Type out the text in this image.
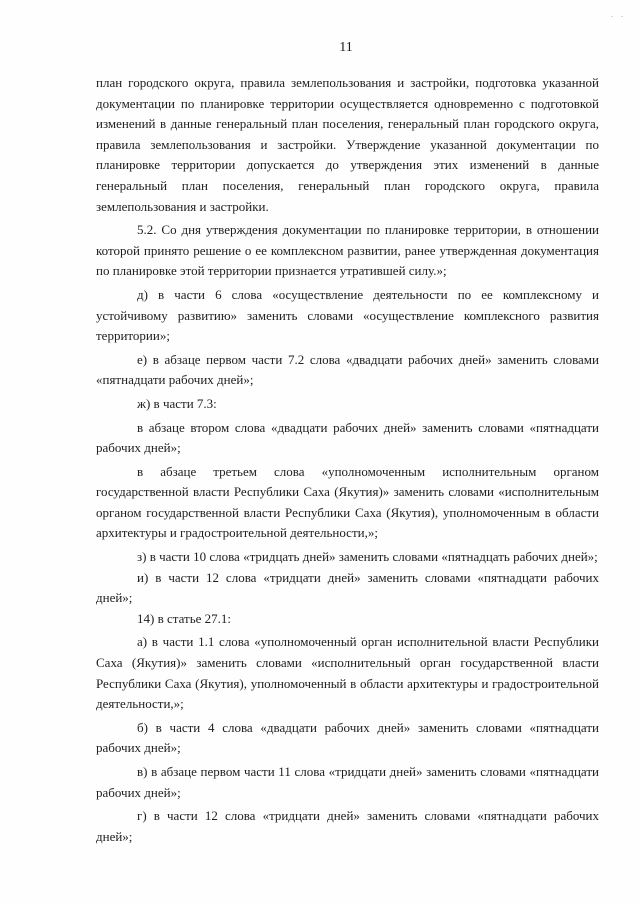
. .
11

план городского округа, правила землепользования и застройки, подготовка указанной документации по планировке территории осуществляется одновременно с подготовкой изменений в данные генеральный план поселения, генеральный план городского округа, правила землепользования и застройки. Утверждение указанной документации по планировке территории допускается до утверждения этих изменений в данные генеральный план поселения, генеральный план городского округа, правила землепользования и застройки.

5.2. Со дня утверждения документации по планировке территории, в отношении которой принято решение о ее комплексном развитии, ранее утвержденная документация по планировке этой территории признается утратившей силу.»;

д) в части 6 слова «осуществление деятельности по ее комплексному и устойчивому развитию» заменить словами «осуществление комплексного развития территории»;

е) в абзаце первом части 7.2 слова «двадцати рабочих дней» заменить словами «пятнадцати рабочих дней»;

ж) в части 7.3:

в абзаце втором слова «двадцати рабочих дней» заменить словами «пятнадцати рабочих дней»;

в абзаце третьем слова «уполномоченным исполнительным органом государственной власти Республики Саха (Якутия)» заменить словами «исполнительным органом государственной власти Республики Саха (Якутия), уполномоченным в области архитектуры и градостроительной деятельности,»;

з) в части 10 слова «тридцать дней» заменить словами «пятнадцать рабочих дней»;

и) в части 12 слова «тридцати дней» заменить словами «пятнадцати рабочих дней»;

14) в статье 27.1:

а) в части 1.1 слова «уполномоченный орган исполнительной власти Республики Саха (Якутия)» заменить словами «исполнительный орган государственной власти Республики Саха (Якутия), уполномоченный в области архитектуры и градостроительной деятельности,»;

б) в части 4 слова «двадцати рабочих дней» заменить словами «пятнадцати рабочих дней»;

в) в абзаце первом части 11 слова «тридцати дней» заменить словами «пятнадцати рабочих дней»;

г) в части 12 слова «тридцати дней» заменить словами «пятнадцати рабочих дней»;
